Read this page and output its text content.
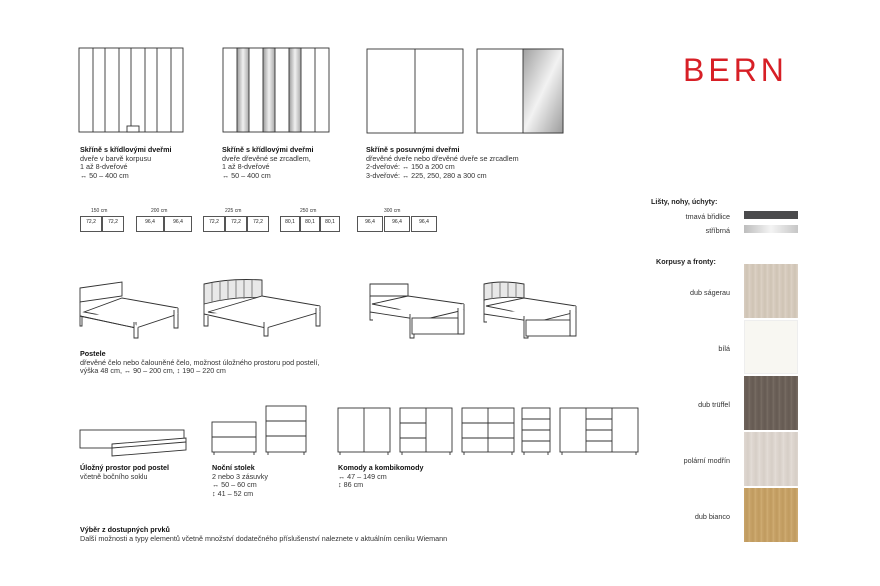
BERN
Skříně s křídlovými dveřmi
dveře v barvě korpusu
1 až 8-dveřové
↔ 50 – 400 cm
Skříně s křídlovými dveřmi
dveře dřevěné se zrcadlem,
1 až 8-dveřové
↔ 50 – 400 cm
Skříně s posuvnými dveřmi
dřevěné dveře nebo dřevěné dveře se zrcadlem
2-dveřové: ↔ 150 a 200 cm
3-dveřové: ↔ 225, 250, 280 a 300 cm
150 cm
72,2	72,2
200 cm
96,4	96,4
225 cm
72,2	72,2	72,2
250 cm
80,1	80,1	80,1
300 cm
96,4	96,4	96,4
Postele
dřevěné čelo nebo čalouněné čelo, možnost úložného prostoru pod postelí,
výška 48 cm, ↔ 90 – 200 cm, ↕ 190 – 220 cm
Úložný prostor pod postel
včetně bočního soklu
Noční stolek
2 nebo 3 zásuvky
↔ 50 – 60 cm
↕ 41 – 52 cm
Komody a kombikomody
↔ 47 – 149 cm
↕ 86 cm
Výběr z dostupných prvků
Další možnosti a typy elementů včetně množství dodatečného příslušenství naleznete v aktuálním ceníku Wiemann
Lišty, nohy, úchyty:
tmavá břidlice
stříbrná
Korpusy a fronty:
dub ságerau
bílá
dub trüffel
polární modřín
dub bianco
